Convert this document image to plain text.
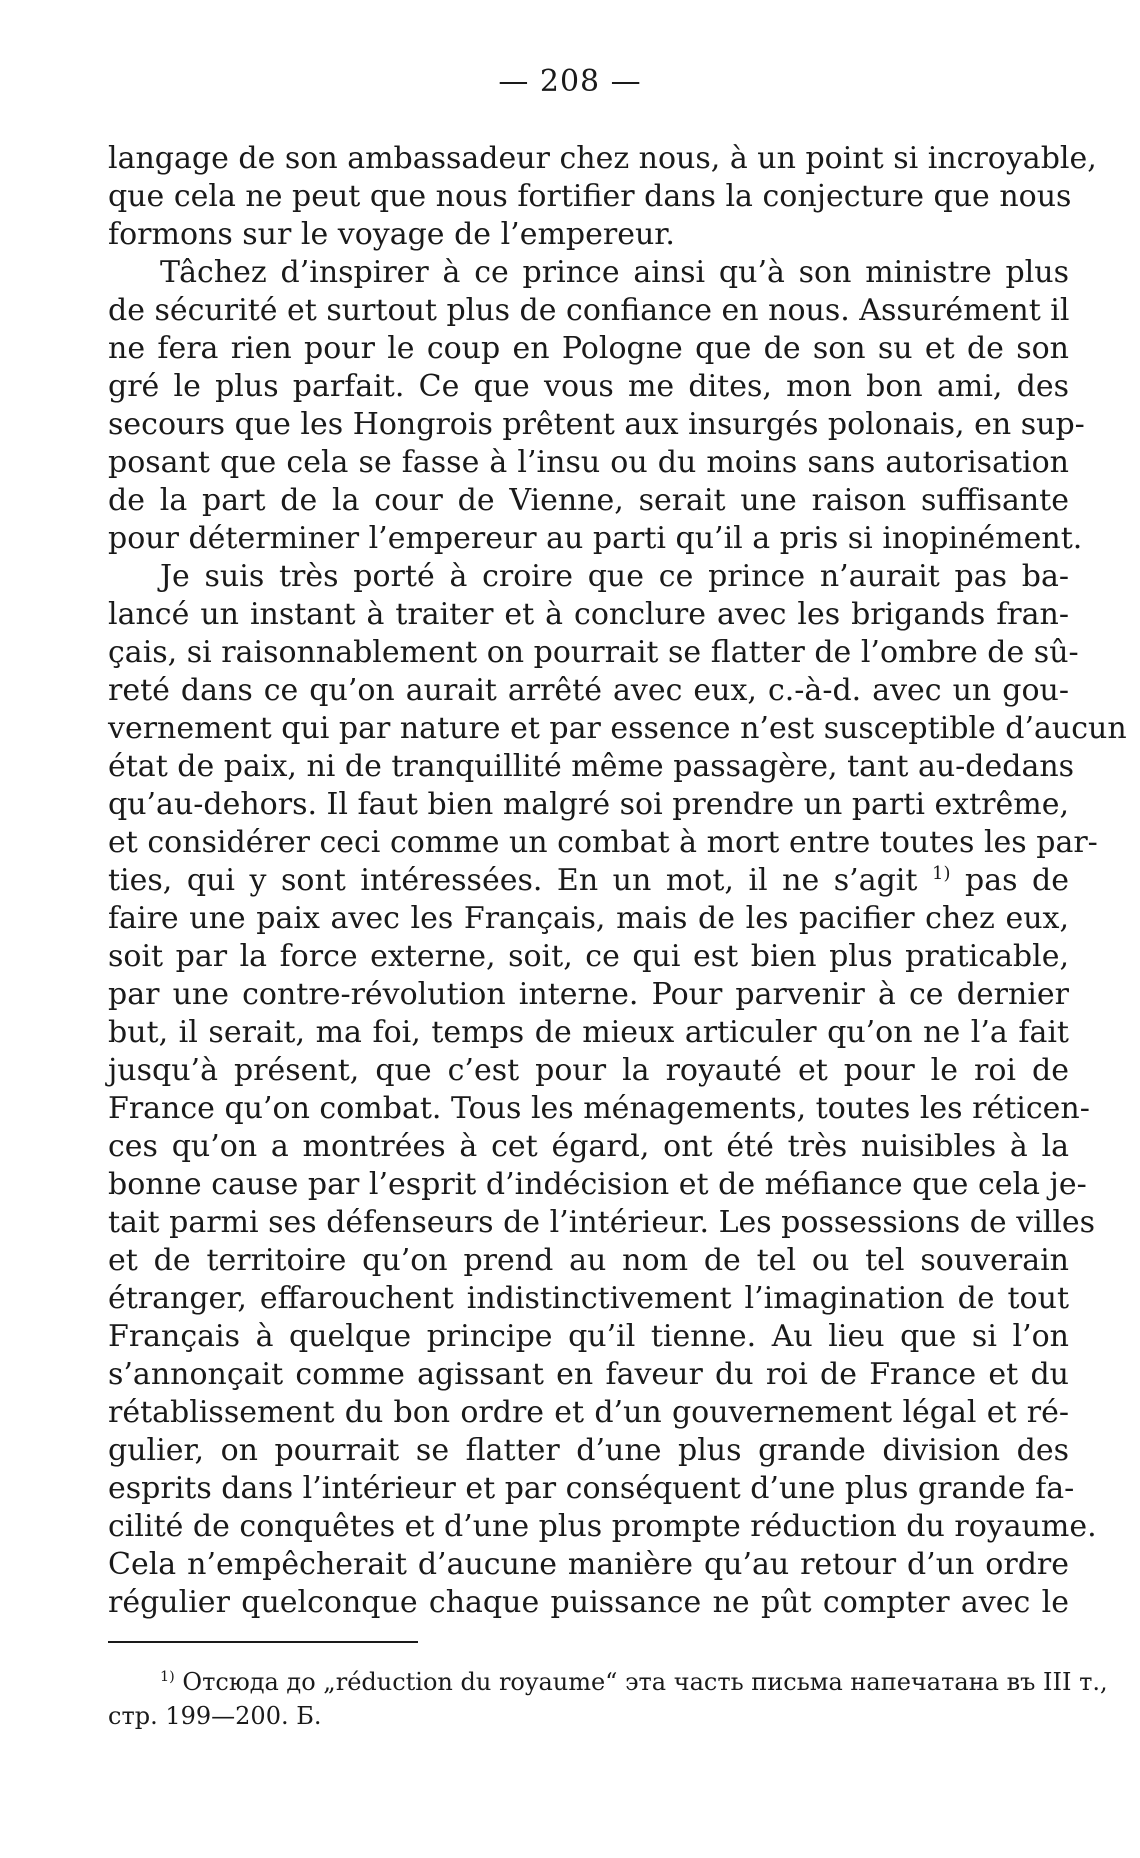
— 208 —
langage de son ambassadeur chez nous, à un point si incroyable,
que cela ne peut que nous fortifier dans la conjecture que nous
formons sur le voyage de l’empereur.
Tâchez d’inspirer à ce prince ainsi qu’à son ministre plus
de sécurité et surtout plus de confiance en nous. Assurément il
ne fera rien pour le coup en Pologne que de son su et de son
gré le plus parfait. Ce que vous me dites, mon bon ami, des
secours que les Hongrois prêtent aux insurgés polonais, en sup-
posant que cela se fasse à l’insu ou du moins sans autorisation
de la part de la cour de Vienne, serait une raison suffisante
pour déterminer l’empereur au parti qu’il a pris si inopinément.
Je suis très porté à croire que ce prince n’aurait pas ba-
lancé un instant à traiter et à conclure avec les brigands fran-
çais, si raisonnablement on pourrait se flatter de l’ombre de sû-
reté dans ce qu’on aurait arrêté avec eux, c.-à-d. avec un gou-
vernement qui par nature et par essence n’est susceptible d’aucun
état de paix, ni de tranquillité même passagère, tant au-dedans
qu’au-dehors. Il faut bien malgré soi prendre un parti extrême,
et considérer ceci comme un combat à mort entre toutes les par-
ties, qui y sont intéressées. En un mot, il ne s’agit $^{1)}$ pas de
faire une paix avec les Français, mais de les pacifier chez eux,
soit par la force externe, soit, ce qui est bien plus praticable,
par une contre-révolution interne. Pour parvenir à ce dernier
but, il serait, ma foi, temps de mieux articuler qu’on ne l’a fait
jusqu’à présent, que c’est pour la royauté et pour le roi de
France qu’on combat. Tous les ménagements, toutes les réticen-
ces qu’on a montrées à cet égard, ont été très nuisibles à la
bonne cause par l’esprit d’indécision et de méfiance que cela je-
tait parmi ses défenseurs de l’intérieur. Les possessions de villes
et de territoire qu’on prend au nom de tel ou tel souverain
étranger, effarouchent indistinctivement l’imagination de tout
Français à quelque principe qu’il tienne. Au lieu que si l’on
s’annonçait comme agissant en faveur du roi de France et du
rétablissement du bon ordre et d’un gouvernement légal et ré-
gulier, on pourrait se flatter d’une plus grande division des
esprits dans l’intérieur et par conséquent d’une plus grande fa-
cilité de conquêtes et d’une plus prompte réduction du royaume.
Cela n’empêcherait d’aucune manière qu’au retour d’un ordre
régulier quelconque chaque puissance ne pût compter avec le
$^{1)}$ Отсюда до „réduction du royaume“ эта часть письма напечатана въ III т.,
стр. 199—200. Б.
